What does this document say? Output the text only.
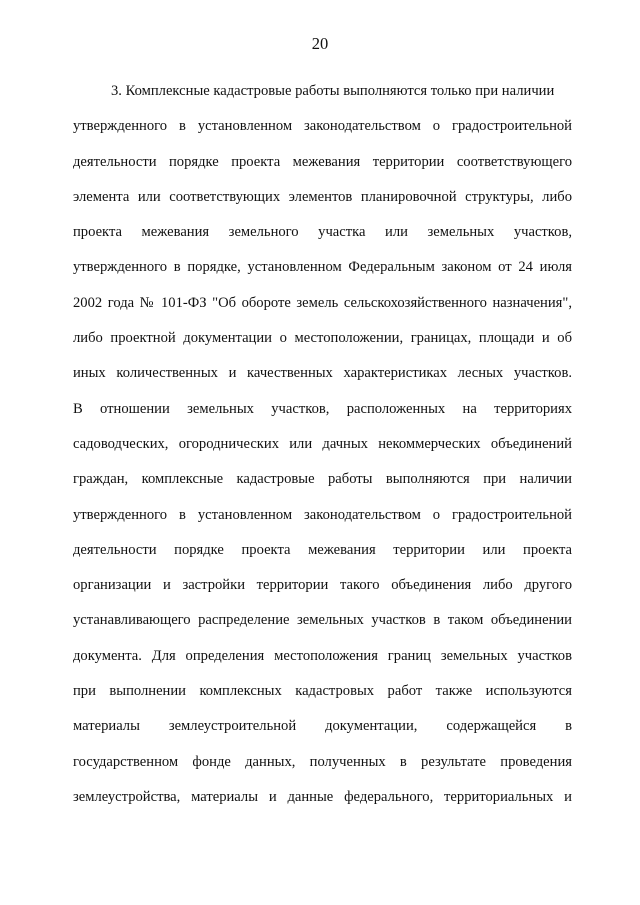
20
3. Комплексные кадастровые работы выполняются только при наличии
утвержденного в установленном законодательством о градостроительной
деятельности порядке проекта межевания территории соответствующего
элемента или соответствующих элементов планировочной структуры, либо
проекта межевания земельного участка или земельных участков,
утвержденного в порядке, установленном Федеральным законом от 24 июля
2002 года № 101-ФЗ "Об обороте земель сельскохозяйственного назначения",
либо проектной документации о местоположении, границах, площади и об
иных количественных и качественных характеристиках лесных участков.
В отношении земельных участков, расположенных на территориях
садоводческих, огороднических или дачных некоммерческих объединений
граждан, комплексные кадастровые работы выполняются при наличии
утвержденного в установленном законодательством о градостроительной
деятельности порядке проекта межевания территории или проекта
организации и застройки территории такого объединения либо другого
устанавливающего распределение земельных участков в таком объединении
документа. Для определения местоположения границ земельных участков
при выполнении комплексных кадастровых работ также используются
материалы землеустроительной документации, содержащейся в
государственном фонде данных, полученных в результате проведения
землеустройства, материалы и данные федерального, территориальных и
